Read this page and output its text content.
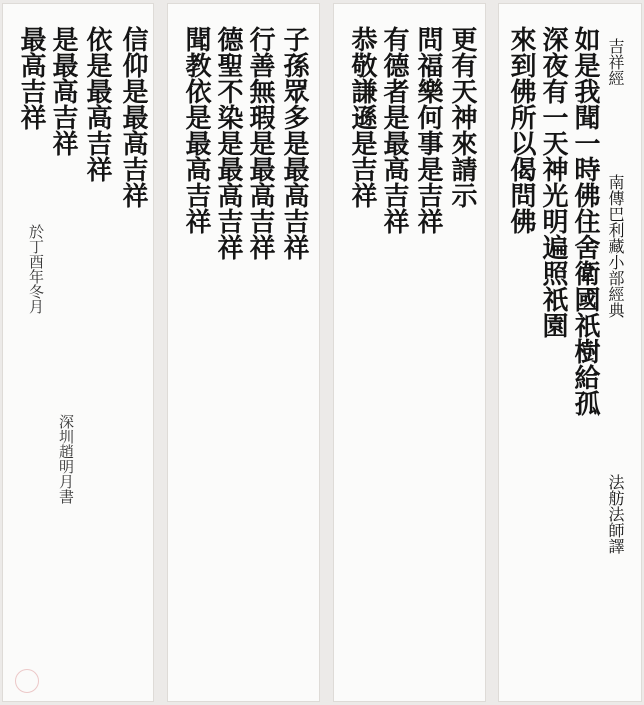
信仰是最高吉祥
依是最高吉祥
是最高吉祥
最高吉祥
於丁酉年冬月
深圳趙明月書
子孫眾多是最高吉祥
行善無瑕是最高吉祥
德聖不染是最高吉祥
聞教依是最高吉祥	更有天神來請示
問福樂何事是吉祥
有德者是最高吉祥
恭敬謙遜是吉祥	吉祥經
南傳巴利藏小部經典
法舫法師譯
如是我聞一時佛住舍衛國祇樹給孤
深夜有一天神光明遍照祇園
來到佛所以偈問佛
